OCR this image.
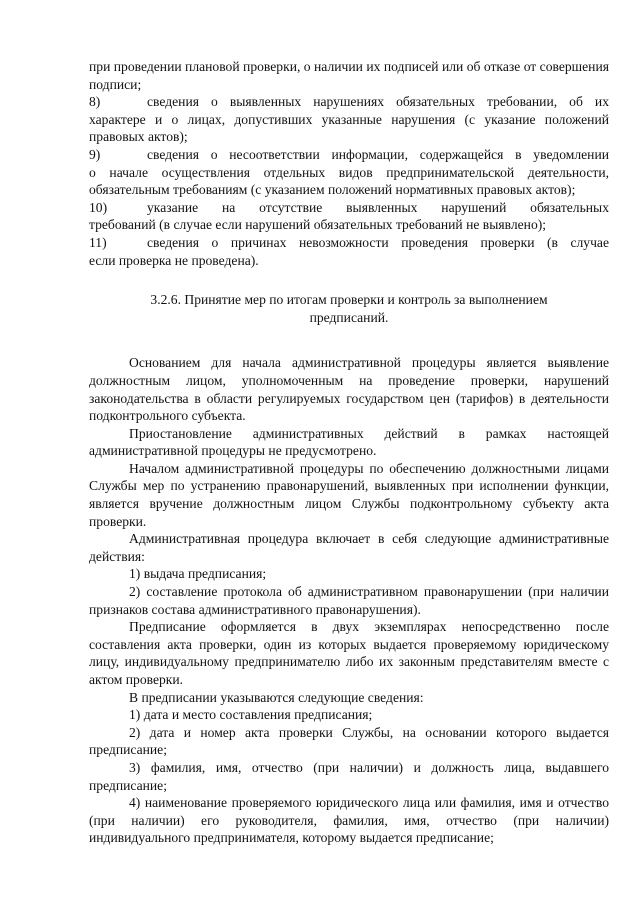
при проведении плановой проверки, о наличии их подписей или об отказе от совершения подписи;

8)	сведения о выявленных нарушениях обязательных требовании, об их
характере и о лицах, допустивших указанные нарушения (с указание положений правовых актов);
9)	сведения о несоответствии информации, содержащейся в уведомлении
о начале осуществления отдельных видов предпринимательской деятельности, обязательным требованиям (с указанием положений нормативных правовых актов);
10)	указание на отсутствие выявленных нарушений обязательных
требований (в случае если нарушений обязательных требований не выявлено);
11)	сведения о причинах невозможности проведения проверки (в случае
если проверка не проведена).

3.2.6. Принятие мер по итогам проверки и контроль за выполнением предписаний.

Основанием для начала административной процедуры является выявление должностным лицом, уполномоченным на проведение проверки, нарушений законодательства в области регулируемых государством цен (тарифов) в деятельности подконтрольного субъекта.

Приостановление административных действий в рамках настоящей административной процедуры не предусмотрено.

Началом административной процедуры по обеспечению должностными лицами Службы мер по устранению правонарушений, выявленных при исполнении функции, является вручение должностным лицом Службы подконтрольному субъекту акта проверки.

Административная процедура включает в себя следующие административные действия:

1) выдача предписания;

2) составление протокола об административном правонарушении (при наличии признаков состава административного правонарушения).

Предписание оформляется в двух экземплярах непосредственно после составления акта проверки, один из которых выдается проверяемому юридическому лицу, индивидуальному предпринимателю либо их законным представителям вместе с актом проверки.

В предписании указываются следующие сведения:

1) дата и место составления предписания;

2) дата и номер акта проверки Службы, на основании которого выдается предписание;

3) фамилия, имя, отчество (при наличии) и должность лица, выдавшего предписание;

4) наименование проверяемого юридического лица или фамилия, имя и отчество (при наличии) его руководителя, фамилия, имя, отчество (при наличии) индивидуального предпринимателя, которому выдается предписание;
